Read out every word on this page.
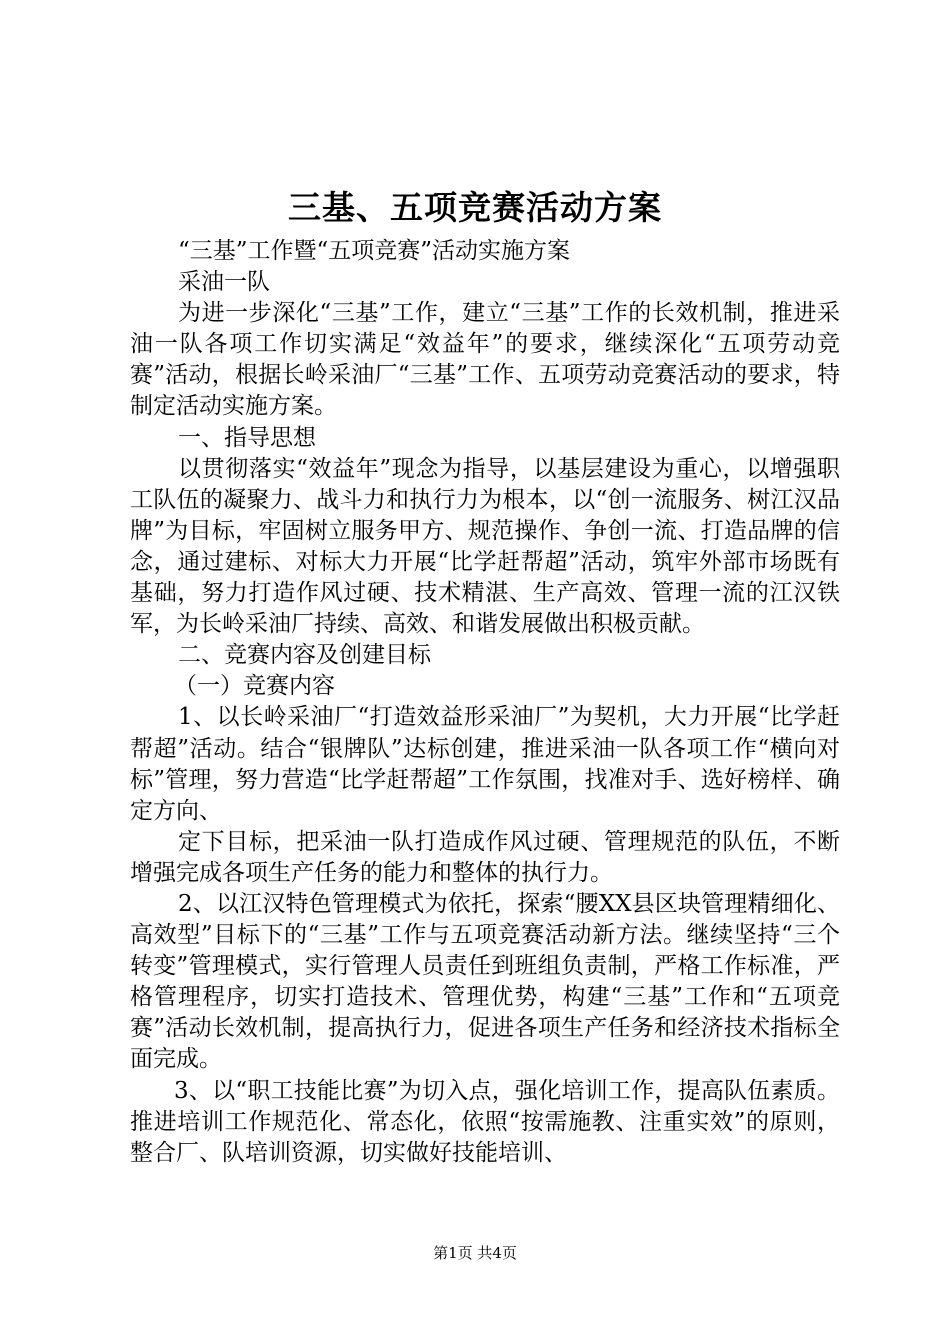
三基、五项竞赛活动方案

“三基”工作暨“五项竞赛”活动实施方案

采油一队

为进一步深化“三基”工作，建立“三基”工作的长效机制，推进采油一队各项工作切实满足“效益年”的要求，继续深化“五项劳动竞赛”活动，根据长岭采油厂“三基”工作、五项劳动竞赛活动的要求，特制定活动实施方案。

一、指导思想

以贯彻落实“效益年”现念为指导，以基层建设为重心，以增强职工队伍的凝聚力、战斗力和执行力为根本，以“创一流服务、树江汉品牌”为目标，牢固树立服务甲方、规范操作、争创一流、打造品牌的信念，通过建标、对标大力开展“比学赶帮超”活动，筑牢外部市场既有基础，努力打造作风过硬、技术精湛、生产高效、管理一流的江汉铁军，为长岭采油厂持续、高效、和谐发展做出积极贡献。

二、竞赛内容及创建目标

（一）竞赛内容

1、以长岭采油厂“打造效益形采油厂”为契机，大力开展“比学赶帮超”活动。结合“银牌队”达标创建，推进采油一队各项工作“横向对标”管理，努力营造“比学赶帮超”工作氛围，找准对手、选好榜样、确定方向、

定下目标，把采油一队打造成作风过硬、管理规范的队伍，不断增强完成各项生产任务的能力和整体的执行力。

2、以江汉特色管理模式为依托，探索“腰XX县区块管理精细化、高效型”目标下的“三基”工作与五项竞赛活动新方法。继续坚持“三个转变”管理模式，实行管理人员责任到班组负责制，严格工作标准，严格管理程序，切实打造技术、管理优势，构建“三基”工作和“五项竞赛”活动长效机制，提高执行力，促进各项生产任务和经济技术指标全面完成。

3、以“职工技能比赛”为切入点，强化培训工作，提高队伍素质。推进培训工作规范化、常态化，依照“按需施教、注重实效”的原则，整合厂、队培训资源，切实做好技能培训、

第1页 共4页
